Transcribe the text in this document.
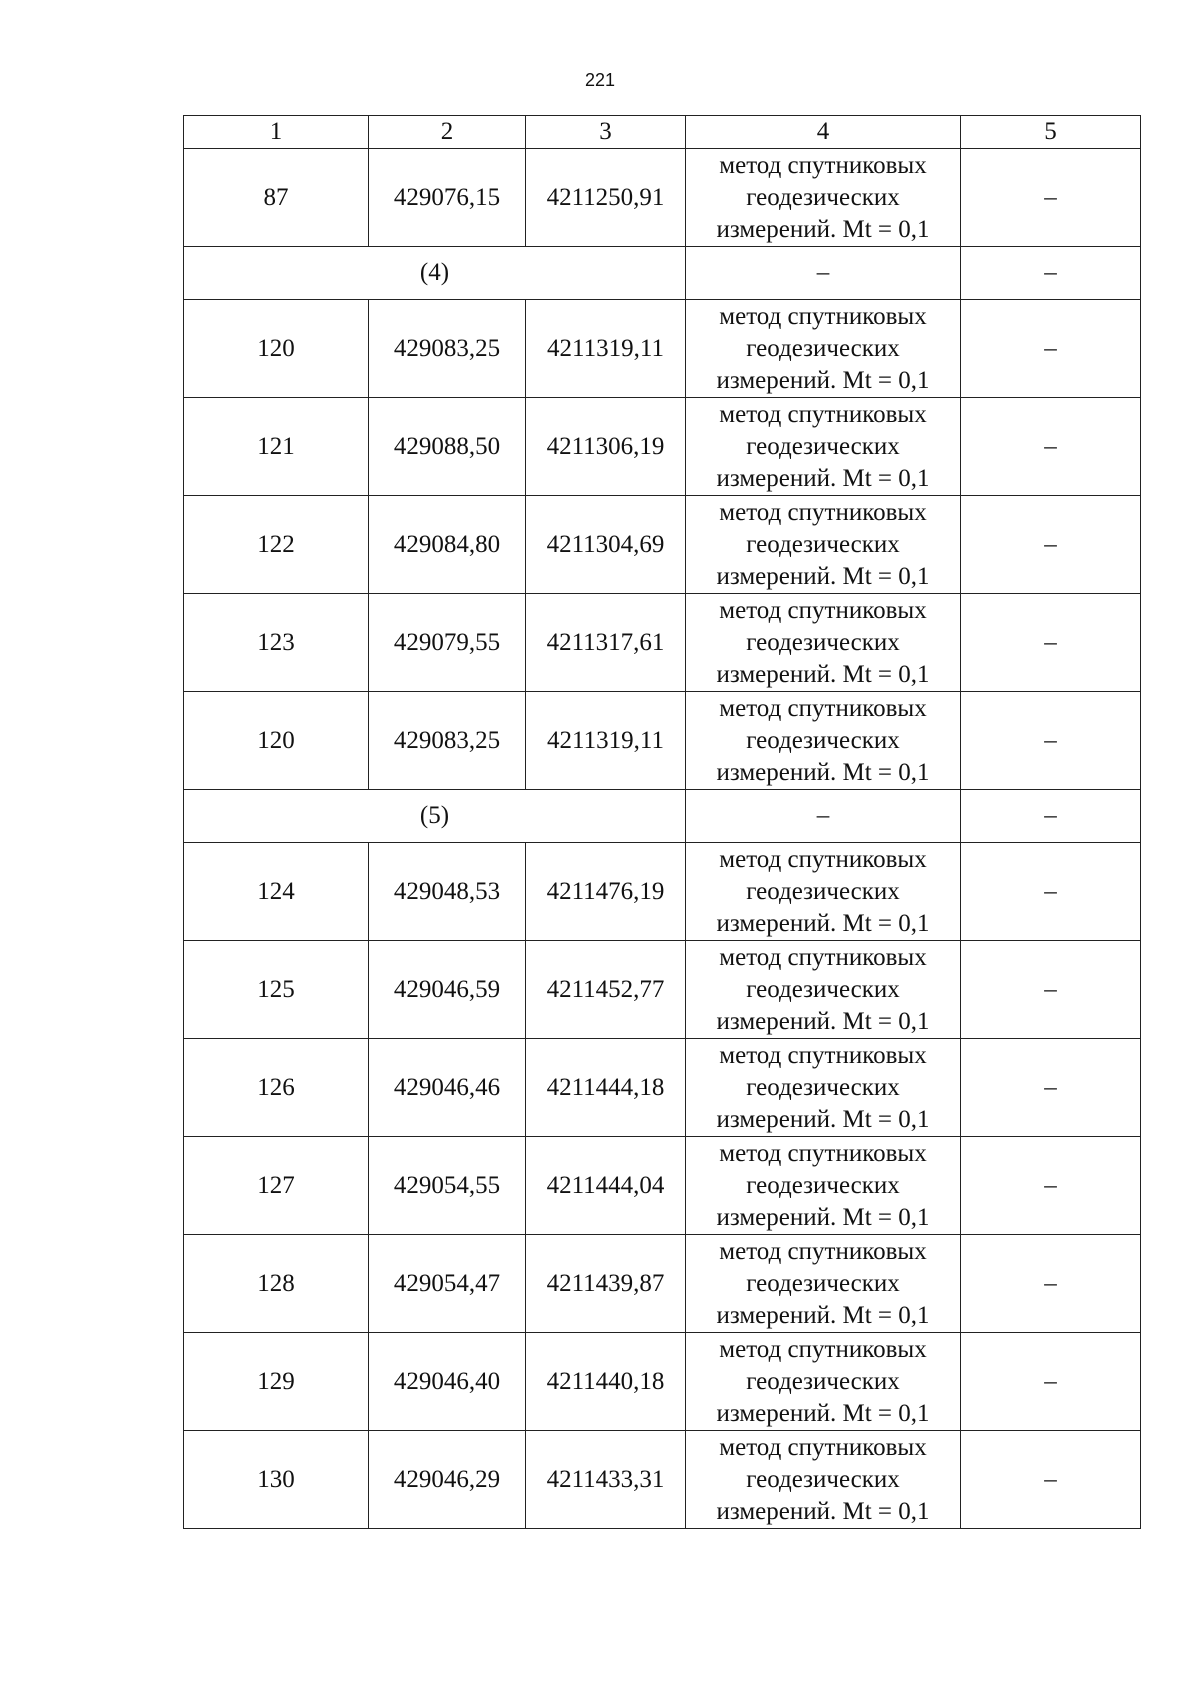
221
1	2	3	4	5
87	429076,15	4211250,91	метод спутниковых
геодезических
измерений. Mt = 0,1	–
(4)			–	–
120	429083,25	4211319,11	метод спутниковых
геодезических
измерений. Mt = 0,1	–
121	429088,50	4211306,19	метод спутниковых
геодезических
измерений. Mt = 0,1	–
122	429084,80	4211304,69	метод спутниковых
геодезических
измерений. Mt = 0,1	–
123	429079,55	4211317,61	метод спутниковых
геодезических
измерений. Mt = 0,1	–
120	429083,25	4211319,11	метод спутниковых
геодезических
измерений. Mt = 0,1	–
(5)			–	–
124	429048,53	4211476,19	метод спутниковых
геодезических
измерений. Mt = 0,1	–
125	429046,59	4211452,77	метод спутниковых
геодезических
измерений. Mt = 0,1	–
126	429046,46	4211444,18	метод спутниковых
геодезических
измерений. Mt = 0,1	–
127	429054,55	4211444,04	метод спутниковых
геодезических
измерений. Mt = 0,1	–
128	429054,47	4211439,87	метод спутниковых
геодезических
измерений. Mt = 0,1	–
129	429046,40	4211440,18	метод спутниковых
геодезических
измерений. Mt = 0,1	–
130	429046,29	4211433,31	метод спутниковых
геодезических
измерений. Mt = 0,1	–
